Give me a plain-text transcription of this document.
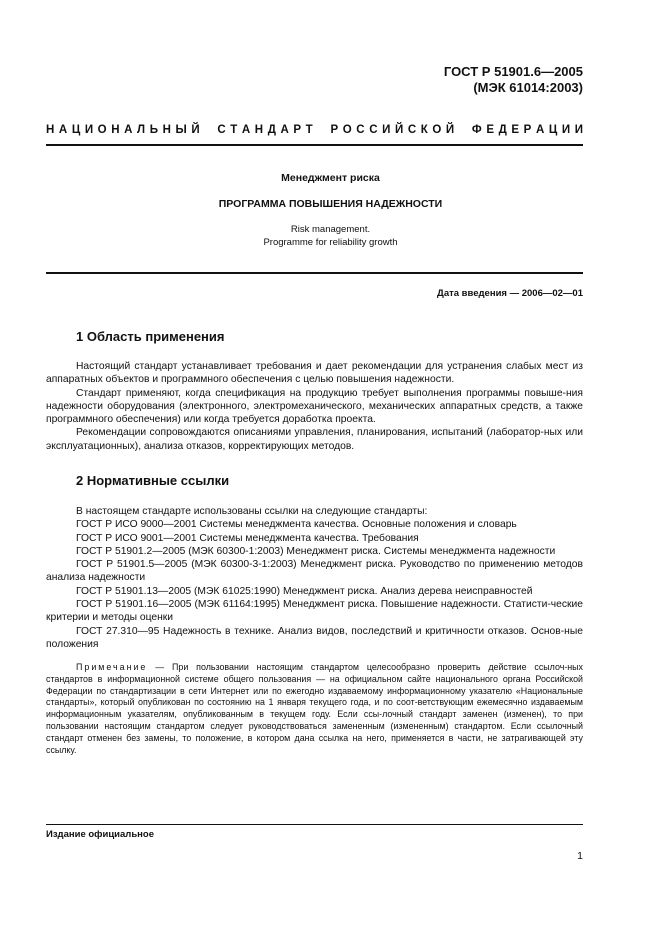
ГОСТ Р 51901.6—2005
(МЭК 61014:2003)
Н А Ц И О Н А Л Ь Н Ы Й С Т А Н Д А Р Т Р О С С И Й С К О Й Ф Е Д Е Р А Ц И И
Менеджмент риска
ПРОГРАММА ПОВЫШЕНИЯ НАДЕЖНОСТИ
Risk management.
Programme for reliability growth
Дата введения — 2006—02—01
1 Область применения

Настоящий стандарт устанавливает требования и дает рекомендации для устранения слабых мест из аппаратных объектов и программного обеспечения с целью повышения надежности.

Стандарт применяют, когда спецификация на продукцию требует выполнения программы повыше-ния надежности оборудования (электронного, электромеханического, механических аппаратных средств, а также программного обеспечения) или когда требуется доработка проекта.

Рекомендации сопровождаются описаниями управления, планирования, испытаний (лаборатор-ных или эксплуатационных), анализа отказов, корректирующих методов.

2 Нормативные ссылки

В настоящем стандарте использованы ссылки на следующие стандарты:

ГОСТ Р ИСО 9000—2001 Системы менеджмента качества. Основные положения и словарь

ГОСТ Р ИСО 9001—2001 Системы менеджмента качества. Требования

ГОСТ Р 51901.2—2005 (МЭК 60300-1:2003) Менеджмент риска. Системы менеджмента надежности

ГОСТ Р 51901.5—2005 (МЭК 60300-3-1:2003) Менеджмент риска. Руководство по применению методов анализа надежности

ГОСТ Р 51901.13—2005 (МЭК 61025:1990) Менеджмент риска. Анализ дерева неисправностей

ГОСТ Р 51901.16—2005 (МЭК 61164:1995) Менеджмент риска. Повышение надежности. Статисти-ческие критерии и методы оценки

ГОСТ 27.310—95 Надежность в технике. Анализ видов, последствий и критичности отказов. Основ-ные положения

Примечание — При пользовании настоящим стандартом целесообразно проверить действие ссылоч-ных стандартов в информационной системе общего пользования — на официальном сайте национального органа Российской Федерации по стандартизации в сети Интернет или по ежегодно издаваемому информационному указателю «Национальные стандарты», который опубликован по состоянию на 1 января текущего года, и по соот-ветствующим ежемесячно издаваемым информационным указателям, опубликованным в текущем году. Если ссы-лочный стандарт заменен (изменен), то при пользовании настоящим стандартом следует руководствоваться замененным (измененным) стандартом. Если ссылочный стандарт отменен без замены, то положение, в котором дана ссылка на него, применяется в части, не затрагивающей эту ссылку.
Издание официальное
1
